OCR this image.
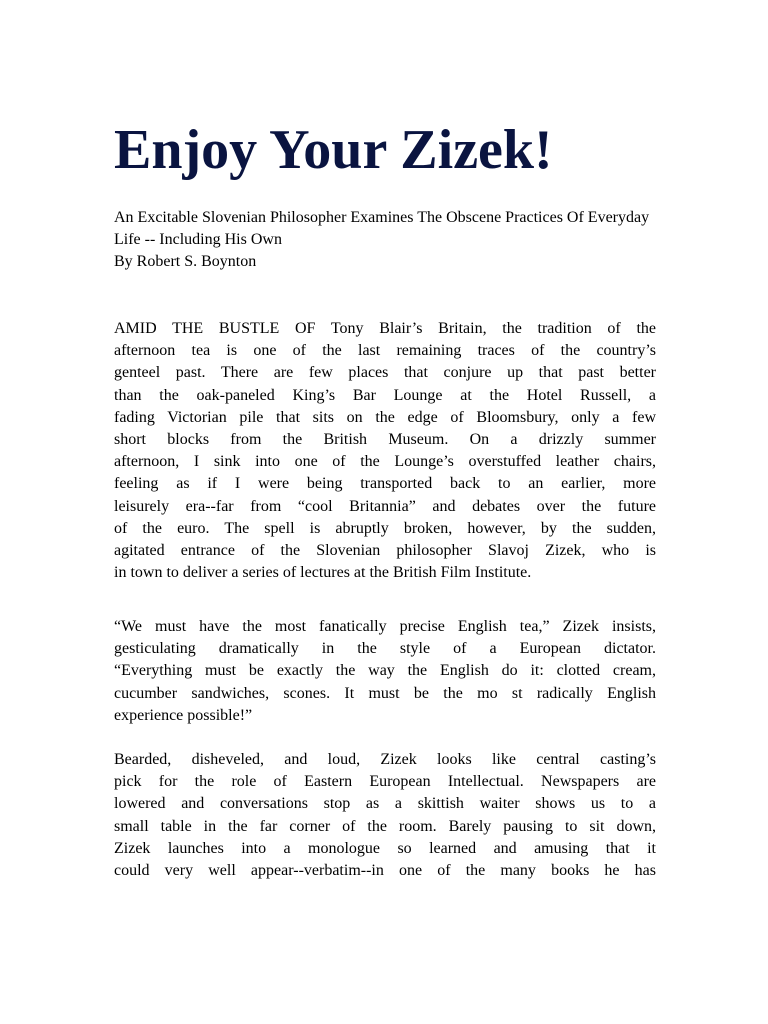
Enjoy Your Zizek!

An Excitable Slovenian Philosopher Examines The Obscene Practices Of Everyday Life -- Including His Own

By Robert S. Boynton

AMID THE BUSTLE OF Tony Blair’s Britain, the tradition of the
afternoon tea is one of the last remaining traces of the country’s
genteel past. There are few places that conjure up that past better
than the oak-paneled King’s Bar Lounge at the Hotel Russell, a
fading Victorian pile that sits on the edge of Bloomsbury, only a few
short blocks from the British Museum. On a drizzly summer
afternoon, I sink into one of the Lounge’s overstuffed leather chairs,
feeling as if I were being transported back to an earlier, more
leisurely era--far from “cool Britannia” and debates over the future
of the euro. The spell is abruptly broken, however, by the sudden,
agitated entrance of the Slovenian philosopher Slavoj Zizek, who is
in town to deliver a series of lectures at the British Film Institute.
“We must have the most fanatically precise English tea,” Zizek insists,
gesticulating dramatically in the style of a European dictator.
“Everything must be exactly the way the English do it: clotted cream,
cucumber sandwiches, scones. It must be the mo st radically English
experience possible!”
Bearded, disheveled, and loud, Zizek looks like central casting’s
pick for the role of Eastern European Intellectual. Newspapers are
lowered and conversations stop as a skittish waiter shows us to a
small table in the far corner of the room. Barely pausing to sit down,
Zizek launches into a monologue so learned and amusing that it
could very well appear--verbatim--in one of the many books he has
